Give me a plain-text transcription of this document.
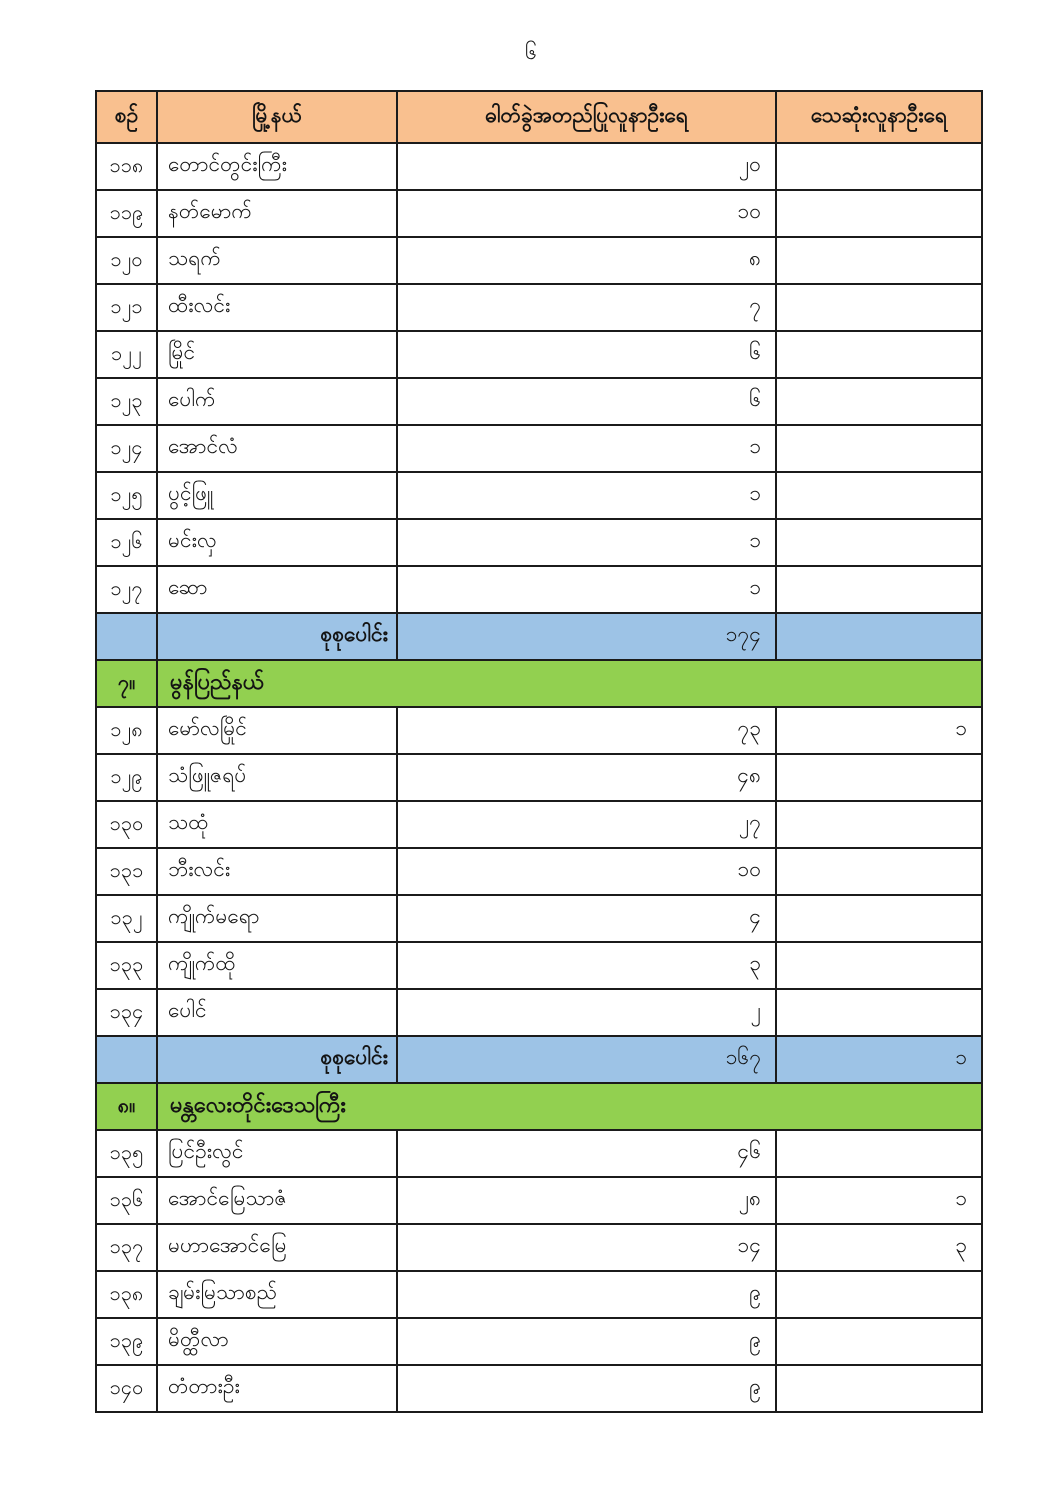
၆
စဉ်	မြို့နယ်	ဓါတ်ခွဲအတည်ပြုလူနာဦးရေ	သေဆုံးလူနာဦးရေ
၁၁၈	တောင်တွင်းကြီး	၂၀	
၁၁၉	နတ်မောက်	၁၀	
၁၂၀	သရက်	၈	
၁၂၁	ထီးလင်း	၇	
၁၂၂	မြိုင်	၆	
၁၂၃	ပေါက်	၆	
၁၂၄	အောင်လံ	၁	
၁၂၅	ပွင့်ဖြူ	၁	
၁၂၆	မင်းလှ	၁	
၁၂၇	ဆော	၁	
	စုစုပေါင်း	၁၇၄	
၇။	မွန်ပြည်နယ်		
၁၂၈	မော်လမြိုင်	၇၃	၁
၁၂၉	သံဖြူဇရပ်	၄၈	
၁၃၀	သထုံ	၂၇	
၁၃၁	ဘီးလင်း	၁၀	
၁၃၂	ကျိုက်မရော	၄	
၁၃၃	ကျိုက်ထို	၃	
၁၃၄	ပေါင်	၂	
	စုစုပေါင်း	၁၆၇	၁
၈။	မန္တလေးတိုင်းဒေသကြီး		
၁၃၅	ပြင်ဦးလွင်	၄၆	
၁၃၆	အောင်မြေသာဇံ	၂၈	၁
၁၃၇	မဟာအောင်မြေ	၁၄	၃
၁၃၈	ချမ်းမြသာစည်	၉	
၁၃၉	မိတ္ထီလာ	၉	
၁၄၀	တံတားဦး	၉	
